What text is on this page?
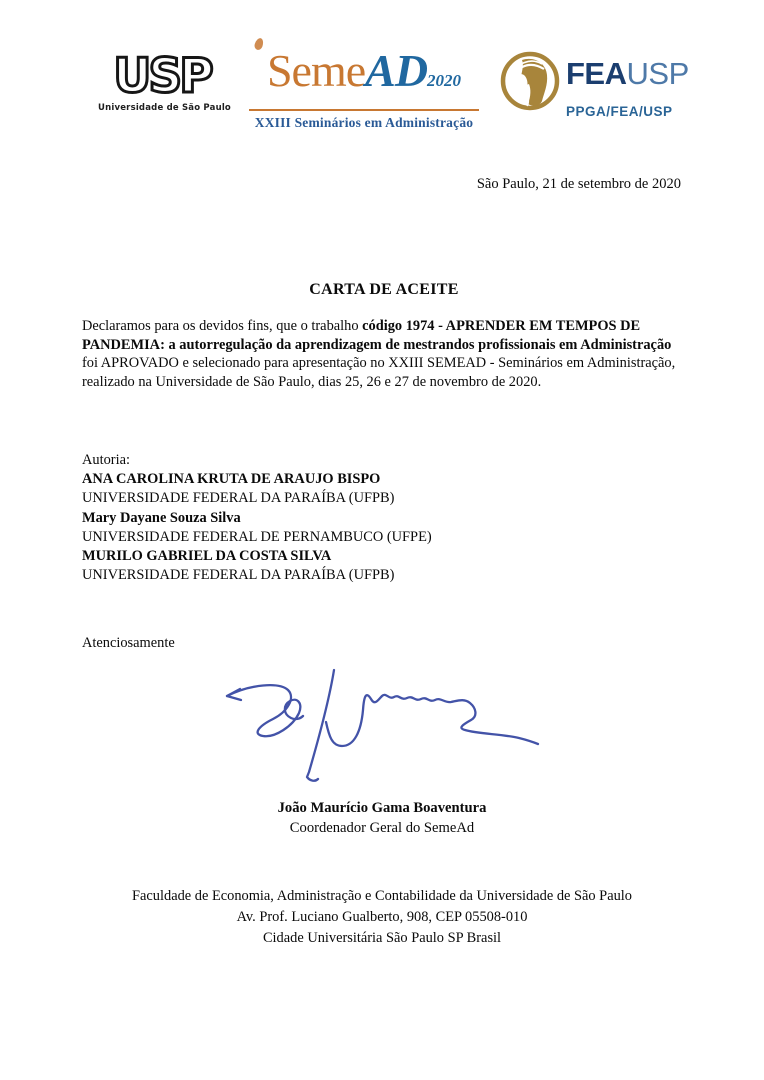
USP
Universidade de São Paulo
SemeAD2020
XXIII Seminários em Administração
FEAUSP
PPGA/FEA/USP
São Paulo, 21 de setembro de 2020
CARTA DE ACEITE
Declaramos para os devidos fins, que o trabalho código 1974 - APRENDER EM TEMPOS DE PANDEMIA: a autorregulação da aprendizagem de mestrandos profissionais em Administração foi APROVADO e selecionado para apresentação no XXIII SEMEAD - Seminários em Administração, realizado na Universidade de São Paulo, dias 25, 26 e 27 de novembro de 2020.
Autoria:
ANA CAROLINA KRUTA DE ARAUJO BISPO
UNIVERSIDADE FEDERAL DA PARAÍBA (UFPB)
Mary Dayane Souza Silva
UNIVERSIDADE FEDERAL DE PERNAMBUCO (UFPE)
MURILO GABRIEL DA COSTA SILVA
UNIVERSIDADE FEDERAL DA PARAÍBA (UFPB)
Atenciosamente
João Maurício Gama Boaventura
Coordenador Geral do SemeAd
Faculdade de Economia, Administração e Contabilidade da Universidade de São Paulo
Av. Prof. Luciano Gualberto, 908, CEP 05508-010
Cidade Universitária São Paulo SP Brasil
